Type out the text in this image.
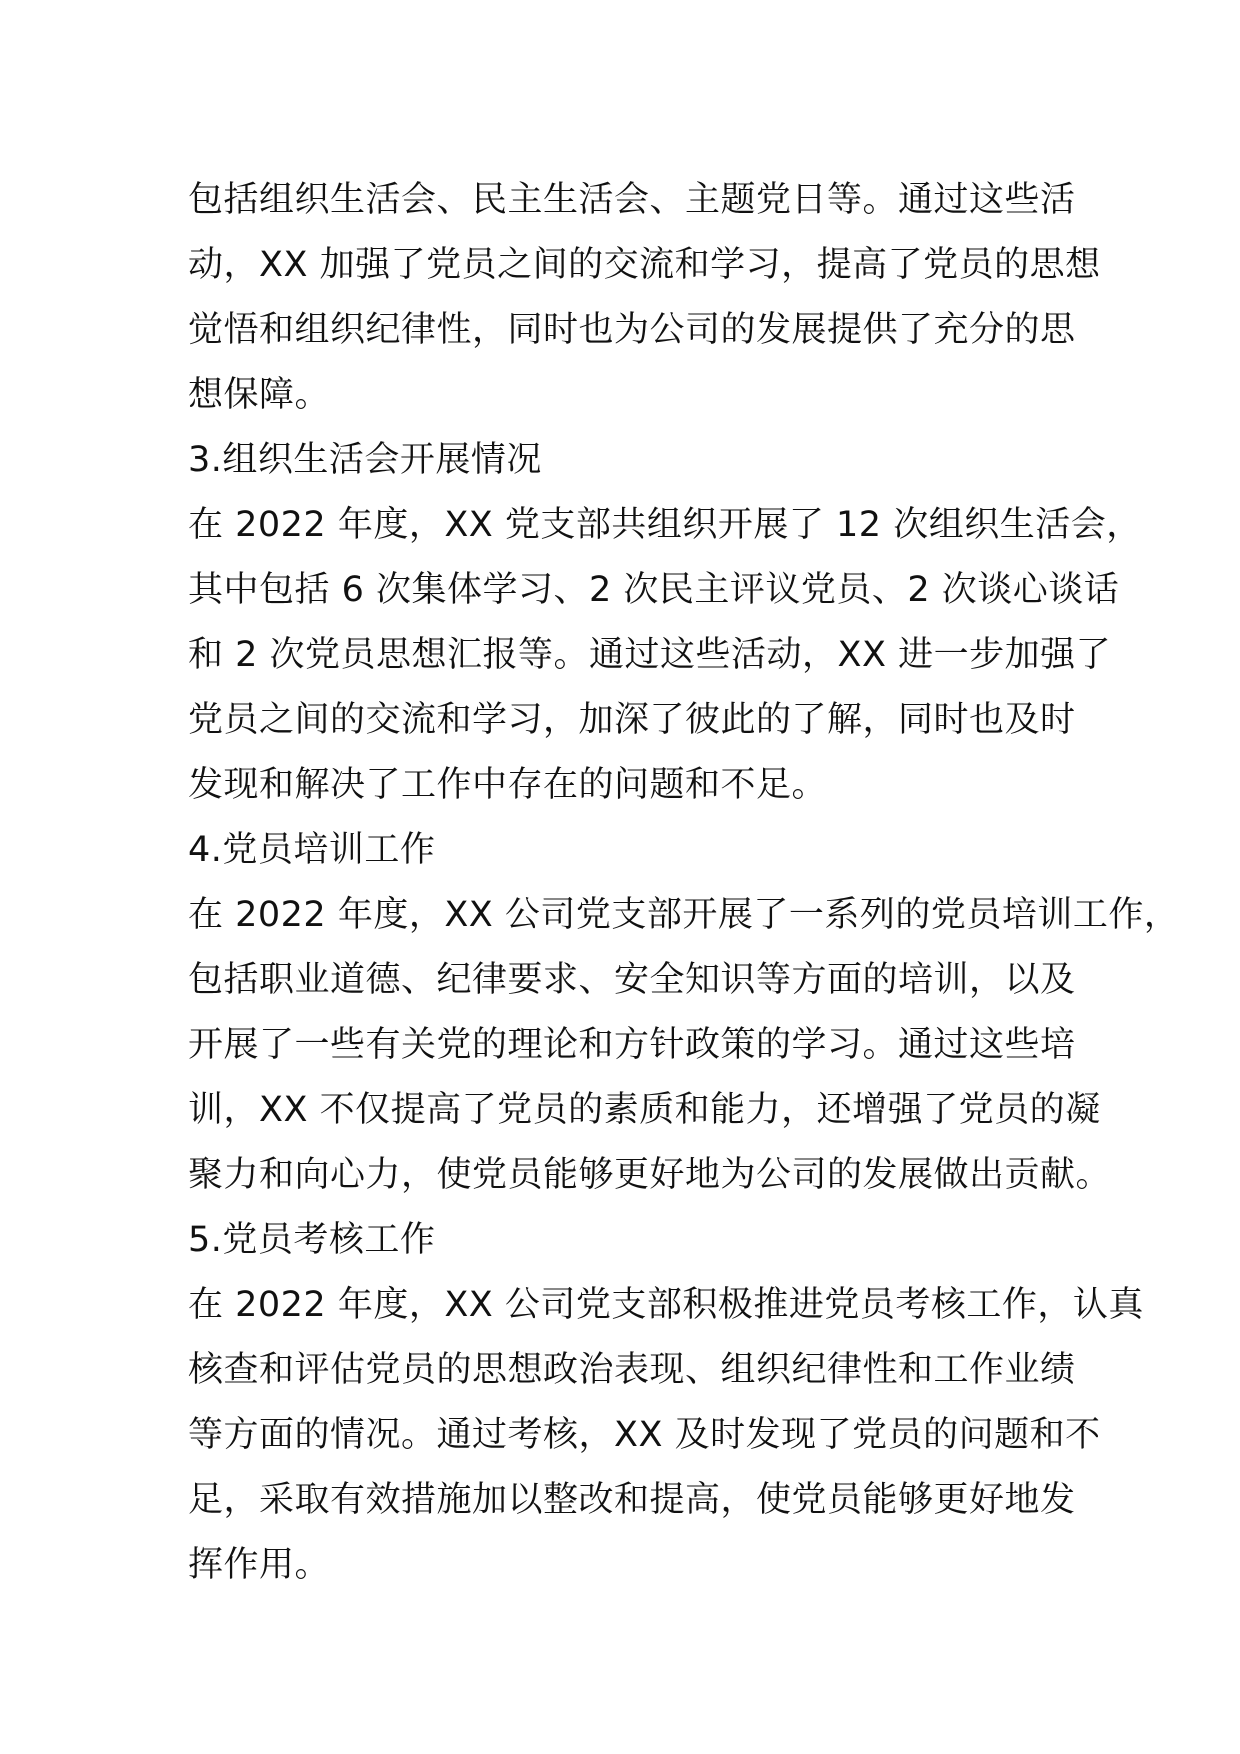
包括组织生活会、民主生活会、主题党日等。通过这些活
动，XX 加强了党员之间的交流和学习，提高了党员的思想
觉悟和组织纪律性，同时也为公司的发展提供了充分的思
想保障。
3.组织生活会开展情况
在 2022 年度，XX 党支部共组织开展了 12 次组织生活会，
其中包括 6 次集体学习、2 次民主评议党员、2 次谈心谈话
和 2 次党员思想汇报等。通过这些活动，XX 进一步加强了
党员之间的交流和学习，加深了彼此的了解，同时也及时
发现和解决了工作中存在的问题和不足。
4.党员培训工作
在 2022 年度，XX 公司党支部开展了一系列的党员培训工作，
包括职业道德、纪律要求、安全知识等方面的培训，以及
开展了一些有关党的理论和方针政策的学习。通过这些培
训，XX 不仅提高了党员的素质和能力，还增强了党员的凝
聚力和向心力，使党员能够更好地为公司的发展做出贡献。
5.党员考核工作
在 2022 年度，XX 公司党支部积极推进党员考核工作，认真
核查和评估党员的思想政治表现、组织纪律性和工作业绩
等方面的情况。通过考核，XX 及时发现了党员的问题和不
足，采取有效措施加以整改和提高，使党员能够更好地发
挥作用。
